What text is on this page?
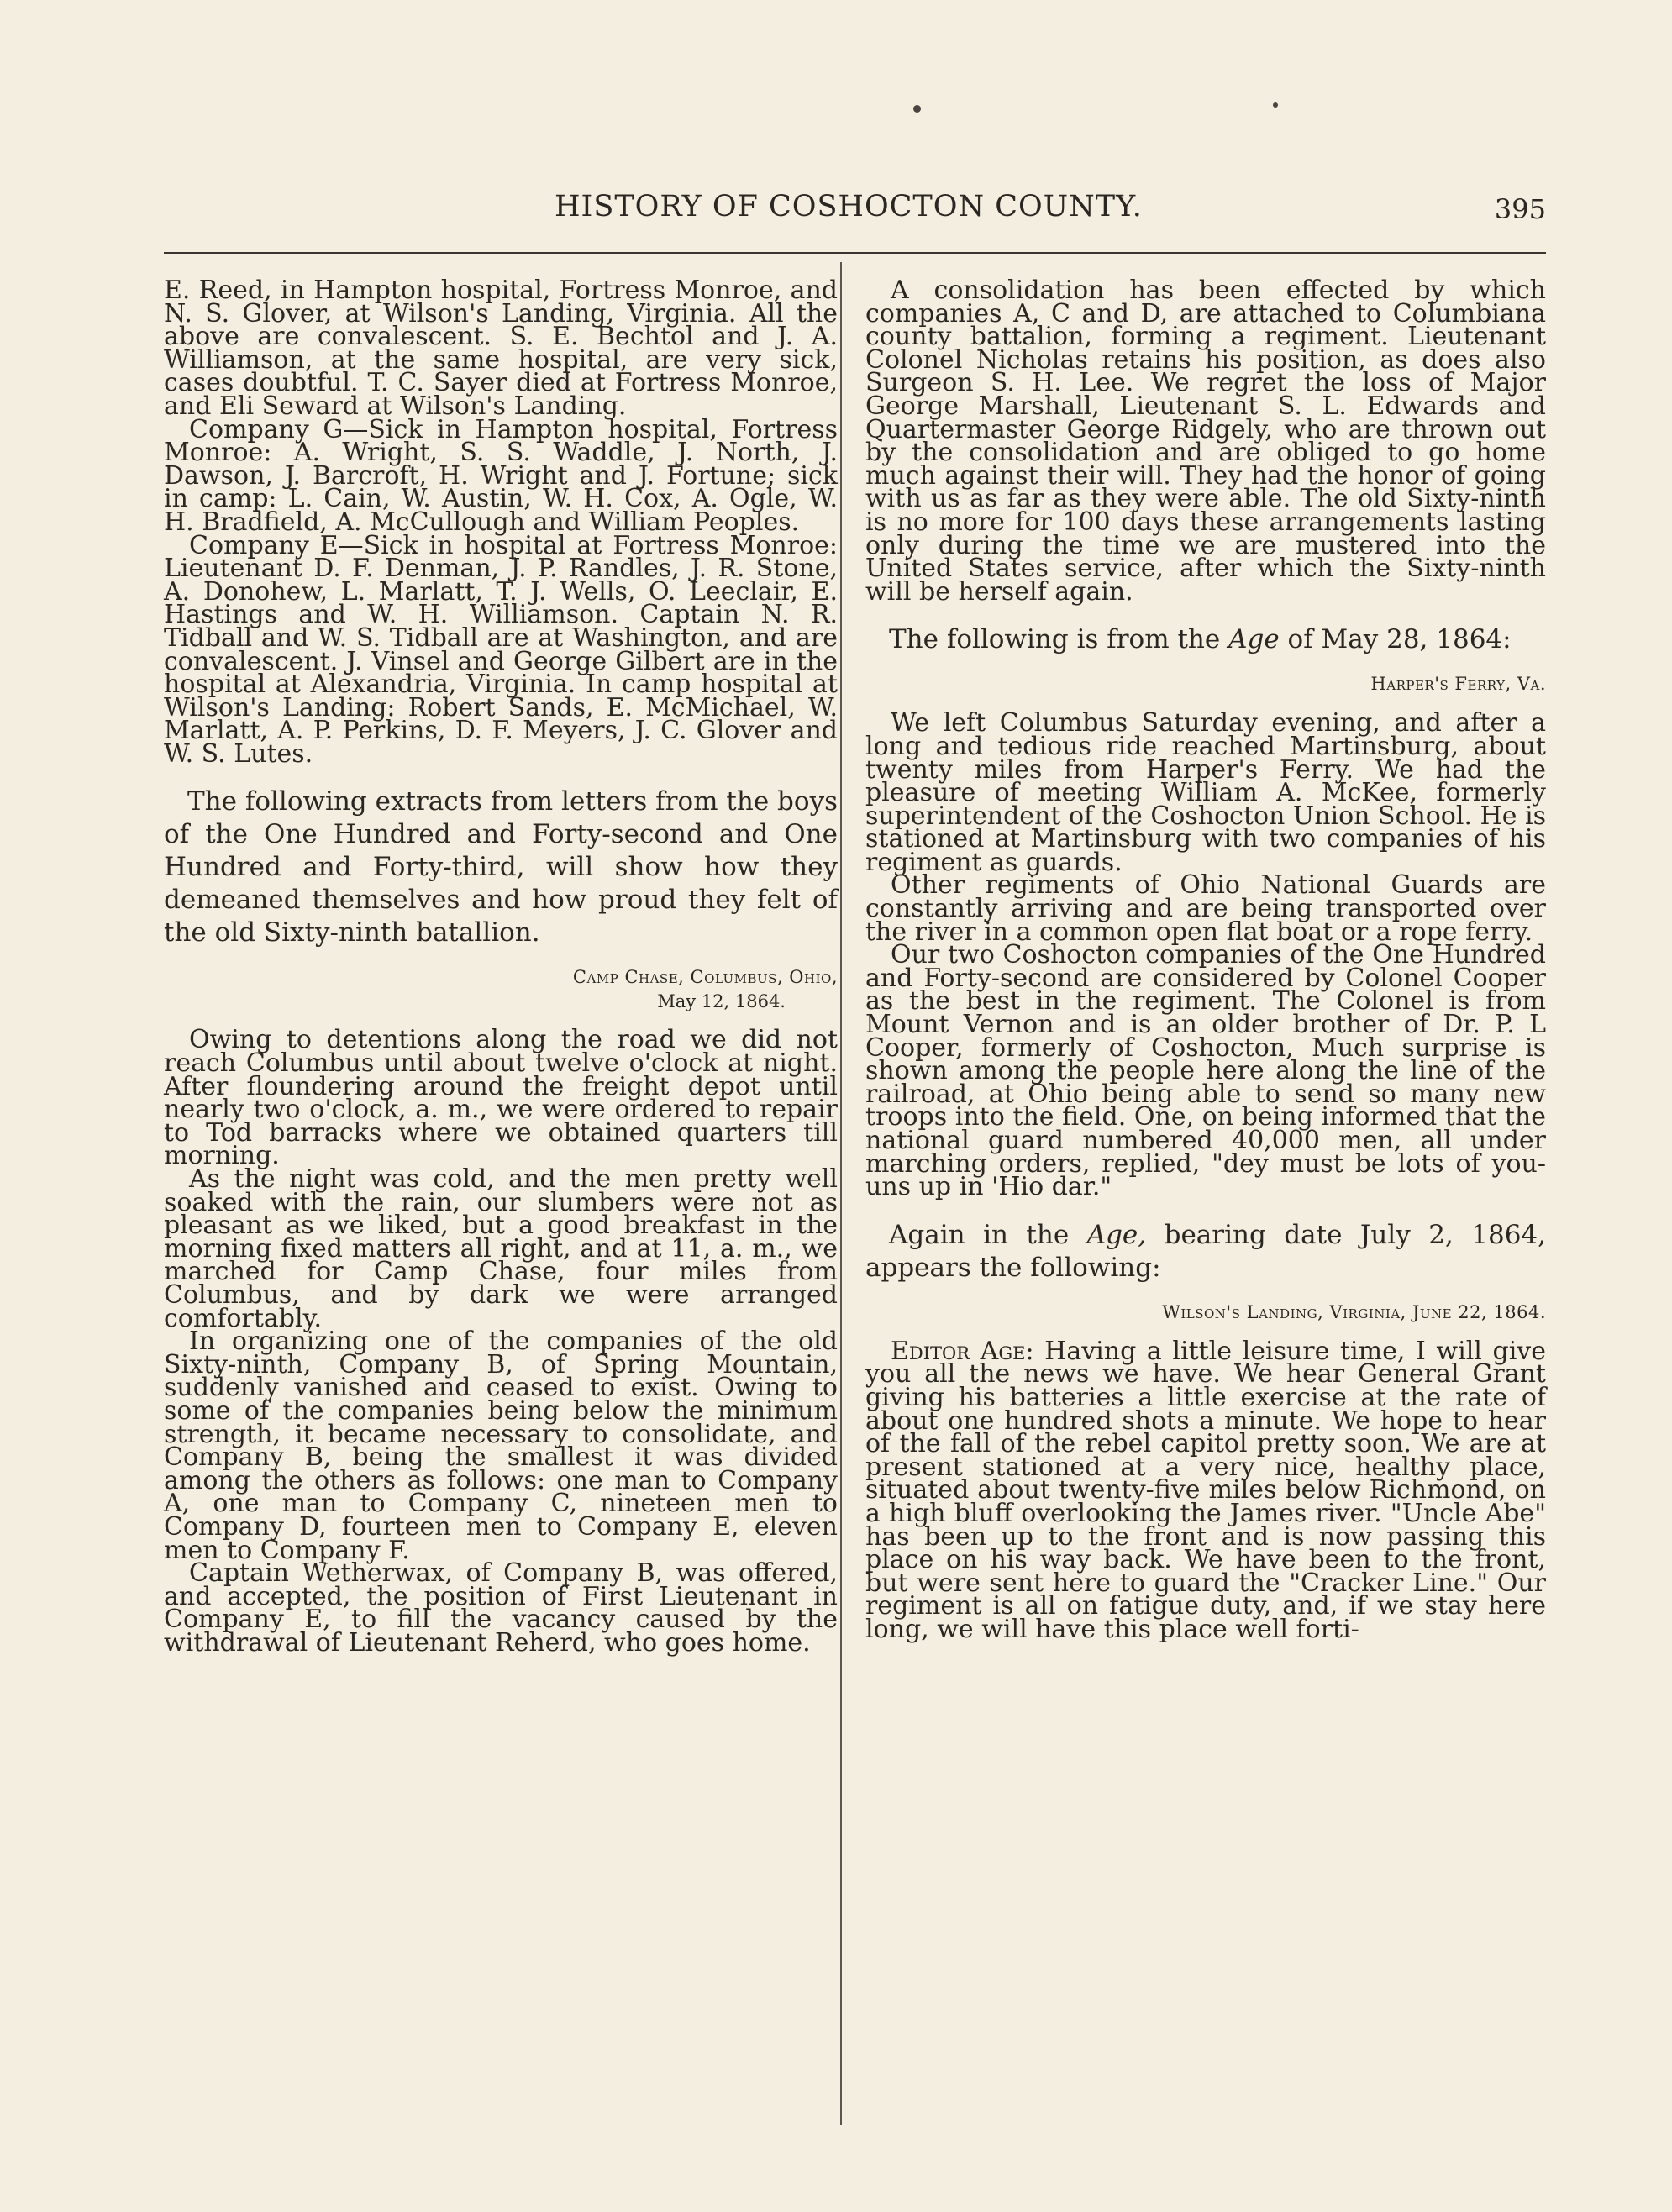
HISTORY OF COSHOCTON COUNTY.	395

E. Reed, in Hampton hospital, Fortress Monroe, and N. S. Glover, at Wilson's Landing, Virginia. All the above are convalescent. S. E. Bechtol and J. A. Williamson, at the same hospital, are very sick, cases doubtful. T. C. Sayer died at Fortress Monroe, and Eli Seward at Wilson's Landing.

Company G—Sick in Hampton hospital, Fortress Monroe: A. Wright, S. S. Waddle, J. North, J. Dawson, J. Barcroft, H. Wright and J. Fortune; sick in camp: L. Cain, W. Austin, W. H. Cox, A. Ogle, W. H. Bradfield, A. McCullough and William Peoples.

Company E—Sick in hospital at Fortress Monroe: Lieutenant D. F. Denman, J. P. Randles, J. R. Stone, A. Donohew, L. Marlatt, T. J. Wells, O. Leeclair, E. Hastings and W. H. Williamson. Captain N. R. Tidball and W. S. Tidball are at Washington, and are convalescent. J. Vinsel and George Gilbert are in the hospital at Alexandria, Virginia. In camp hospital at Wilson's Landing: Robert Sands, E. McMichael, W. Marlatt, A. P. Perkins, D. F. Meyers, J. C. Glover and W. S. Lutes.

The following extracts from letters from the boys of the One Hundred and Forty-second and One Hundred and Forty-third, will show how they demeaned themselves and how proud they felt of the old Sixty-ninth batallion.

Camp Chase, Columbus, Ohio,

May 12, 1864.

Owing to detentions along the road we did not reach Columbus until about twelve o'clock at night. After floundering around the freight depot until nearly two o'clock, a. m., we were ordered to repair to Tod barracks where we obtained quarters till morning.

As the night was cold, and the men pretty well soaked with the rain, our slumbers were not as pleasant as we liked, but a good breakfast in the morning fixed matters all right, and at 11, a. m., we marched for Camp Chase, four miles from Columbus, and by dark we were arranged comfortably.

In organizing one of the companies of the old Sixty-ninth, Company B, of Spring Mountain, suddenly vanished and ceased to exist. Owing to some of the companies being below the minimum strength, it became necessary to consolidate, and Company B, being the smallest it was divided among the others as follows: one man to Company A, one man to Company C, nineteen men to Company D, fourteen men to Company E, eleven men to Company F.

Captain Wetherwax, of Company B, was offered, and accepted, the position of First Lieutenant in Company E, to fill the vacancy caused by the withdrawal of Lieutenant Reherd, who goes home.

A consolidation has been effected by which companies A, C and D, are attached to Columbiana county battalion, forming a regiment. Lieutenant Colonel Nicholas retains his position, as does also Surgeon S. H. Lee. We regret the loss of Major George Marshall, Lieutenant S. L. Edwards and Quartermaster George Ridgely, who are thrown out by the consolidation and are obliged to go home much against their will. They had the honor of going with us as far as they were able. The old Sixty-ninth is no more for 100 days these arrangements lasting only during the time we are mustered into the United States service, after which the Sixty-ninth will be herself again.

The following is from the Age of May 28, 1864:

Harper's Ferry, Va.

We left Columbus Saturday evening, and after a long and tedious ride reached Martinsburg, about twenty miles from Harper's Ferry. We had the pleasure of meeting William A. McKee, formerly superintendent of the Coshocton Union School. He is stationed at Martinsburg with two companies of his regiment as guards.

Other regiments of Ohio National Guards are constantly arriving and are being transported over the river in a common open flat boat or a rope ferry.

Our two Coshocton companies of the One Hundred and Forty-second are considered by Colonel Cooper as the best in the regiment. The Colonel is from Mount Vernon and is an older brother of Dr. P. L Cooper, formerly of Coshocton, Much surprise is shown among the people here along the line of the railroad, at Ohio being able to send so many new troops into the field. One, on being informed that the national guard numbered 40,000 men, all under marching orders, replied, "dey must be lots of you-uns up in 'Hio dar."

Again in the Age, bearing date July 2, 1864, appears the following:

Wilson's Landing, Virginia, June 22, 1864.

Editor Age: Having a little leisure time, I will give you all the news we have. We hear General Grant giving his batteries a little exercise at the rate of about one hundred shots a minute. We hope to hear of the fall of the rebel capitol pretty soon. We are at present stationed at a very nice, healthy place, situated about twenty-five miles below Richmond, on a high bluff overlooking the James river. "Uncle Abe" has been up to the front and is now passing this place on his way back. We have been to the front, but were sent here to guard the "Cracker Line." Our regiment is all on fatigue duty, and, if we stay here long, we will have this place well forti-
